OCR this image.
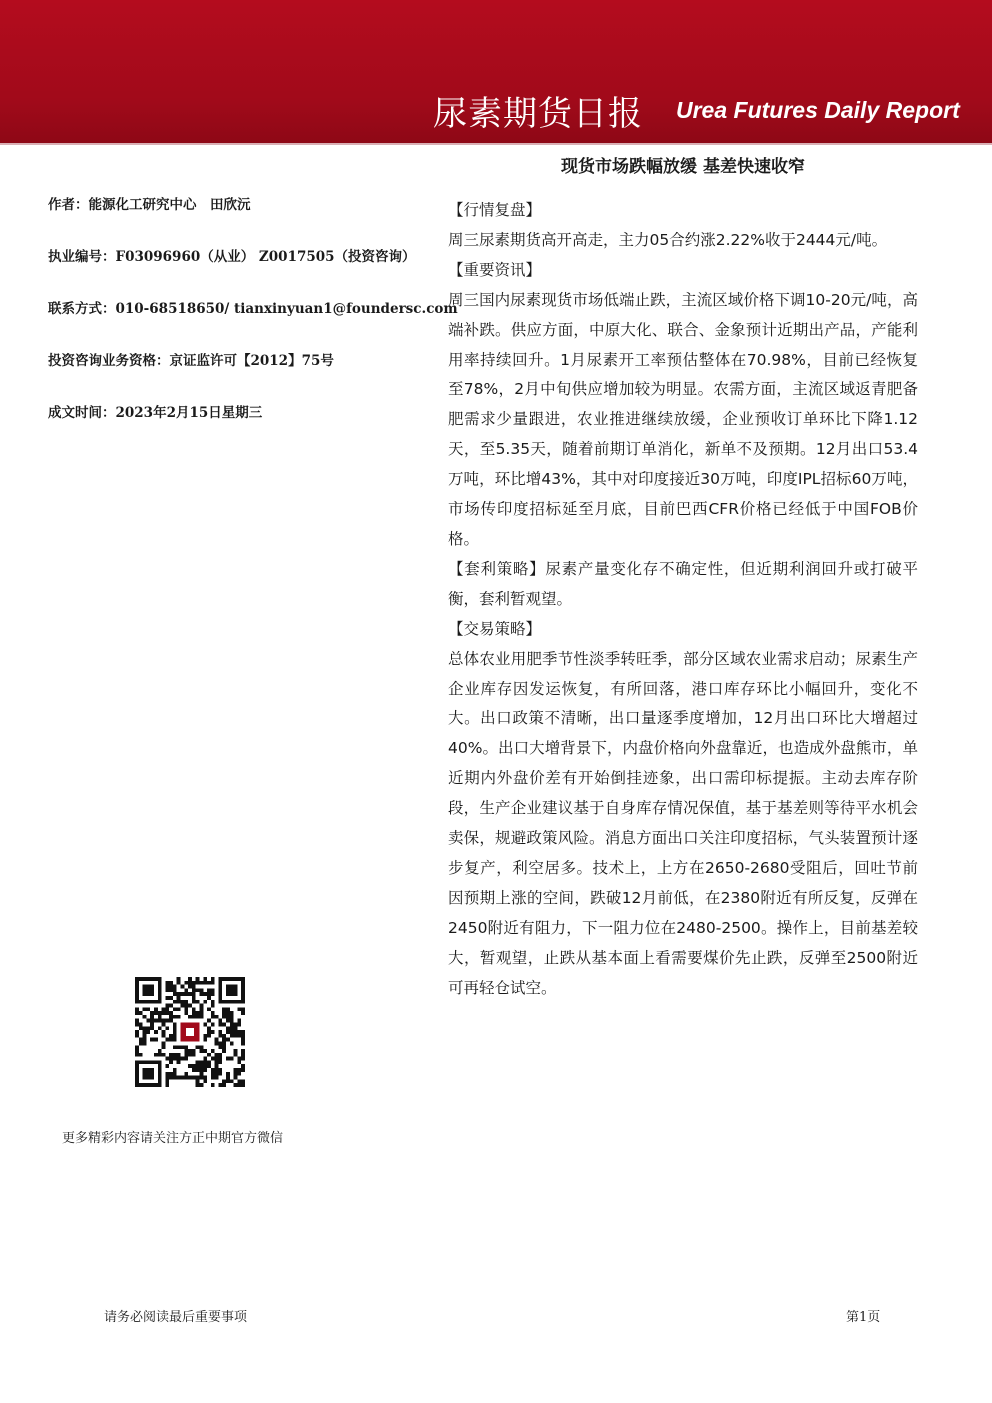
尿素期货日报 Urea Futures Daily Report
现货市场跌幅放缓 基差快速收窄
作者：能源化工研究中心　田欣沅
执业编号：F03096960（从业） Z0017505（投资咨询）
联系方式：010-68518650/ tianxinyuan1@foundersc.com
投资咨询业务资格：京证监许可【2012】75号
成文时间：2023年2月15日星期三

【行情复盘】

周三尿素期货高开高走，主力05合约涨2.22%收于2444元/吨。

【重要资讯】

周三国内尿素现货市场低端止跌，主流区域价格下调10-20元/吨，高端补跌。供应方面，中原大化、联合、金象预计近期出产品，产能利用率持续回升。1月尿素开工率预估整体在70.98%，目前已经恢复至78%，2月中旬供应增加较为明显。农需方面，主流区域返青肥备肥需求少量跟进，农业推进继续放缓，企业预收订单环比下降1.12天，至5.35天，随着前期订单消化，新单不及预期。12月出口53.4万吨，环比增43%，其中对印度接近30万吨，印度IPL招标60万吨，市场传印度招标延至月底，目前巴西CFR价格已经低于中国FOB价格。

【套利策略】尿素产量变化存不确定性，但近期利润回升或打破平衡，套利暂观望。

【交易策略】

总体农业用肥季节性淡季转旺季，部分区域农业需求启动；尿素生产企业库存因发运恢复，有所回落，港口库存环比小幅回升，变化不大。出口政策不清晰，出口量逐季度增加，12月出口环比大增超过40%。出口大增背景下，内盘价格向外盘靠近，也造成外盘熊市，单近期内外盘价差有开始倒挂迹象，出口需印标提振。主动去库存阶段，生产企业建议基于自身库存情况保值，基于基差则等待平水机会卖保，规避政策风险。消息方面出口关注印度招标，气头装置预计逐步复产，利空居多。技术上，上方在2650-2680受阻后，回吐节前因预期上涨的空间，跌破12月前低，在2380附近有所反复，反弹在2450附近有阻力，下一阻力位在2480-2500。操作上，目前基差较大，暂观望，止跌从基本面上看需要煤价先止跌，反弹至2500附近可再轻仓试空。

更多精彩内容请关注方正中期官方微信
请务必阅读最后重要事项	第1页
